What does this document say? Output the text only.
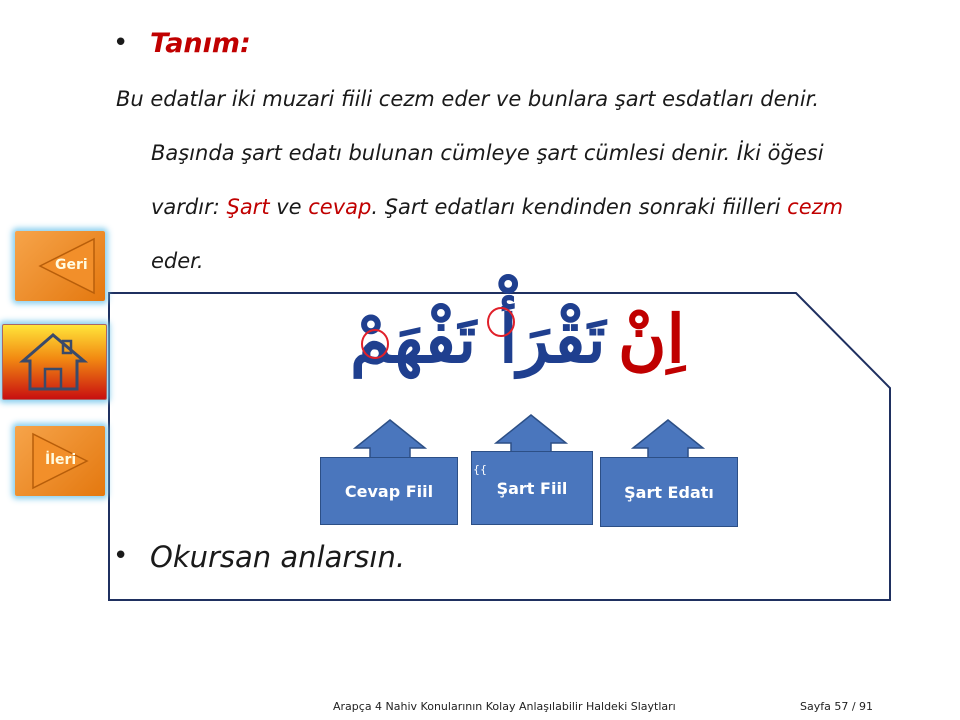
• Tanım:
Bu edatlar iki muzari fiili cezm eder ve bunlara şart esdatları denir.
Başında şart edatı bulunan cümleye şart cümlesi denir. İki öğesi
vardır: Şart ve cevap. Şart edatları kendinden sonraki fiilleri cezm
eder.
تَقْرَأْ تَفْهَمْ اِنْ
Cevap Fiil	Şart Fiil	Şart Edatı
{{
• Okursan anlarsın.
Geri
İleri
Arapça 4 Nahiv Konularının Kolay Anlaşılabilir Haldeki Slaytları	Sayfa 57 / 91
